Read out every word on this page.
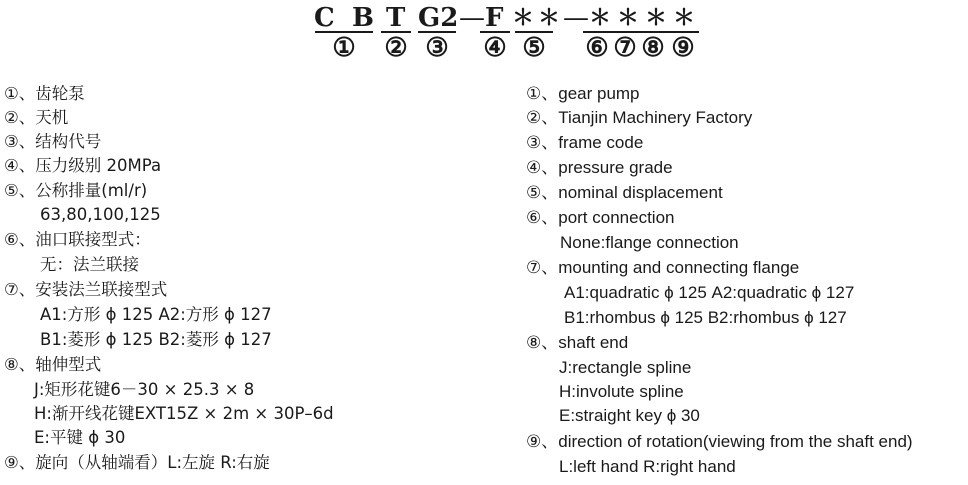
C B T G2 — F ＊ ＊ — ＊ ＊ ＊ ＊
①	② ③ ④ ⑤ ⑥ ⑦ ⑧ ⑨
①、齿轮泵
②、天机
③、结构代号
④、压力级别 20MPa
⑤、公称排量(ml/r)
63,80,100,125
⑥、油口联接型式：
无：法兰联接
⑦、安装法兰联接型式
A1:方形 ϕ 125 A2:方形 ϕ 127
B1:菱形 ϕ 125 B2:菱形 ϕ 127
⑧、轴伸型式
J:矩形花键6－30 × 25.3 × 8
H:渐开线花键EXT15Z × 2m × 30P–6d
E:平键 ϕ 30
⑨、旋向（从轴端看）L:左旋 R:右旋
①、gear pump
②、Tianjin Machinery Factory
③、frame code
④、pressure grade
⑤、nominal displacement
⑥、port connection
None:flange connection
⑦、mounting and connecting flange
A1:quadratic ϕ 125 A2:quadratic ϕ 127
B1:rhombus ϕ 125 B2:rhombus ϕ 127
⑧、shaft end
J:rectangle spline
H:involute spline
E:straight key ϕ 30
⑨、direction of rotation(viewing from the shaft end)
L:left hand R:right hand
